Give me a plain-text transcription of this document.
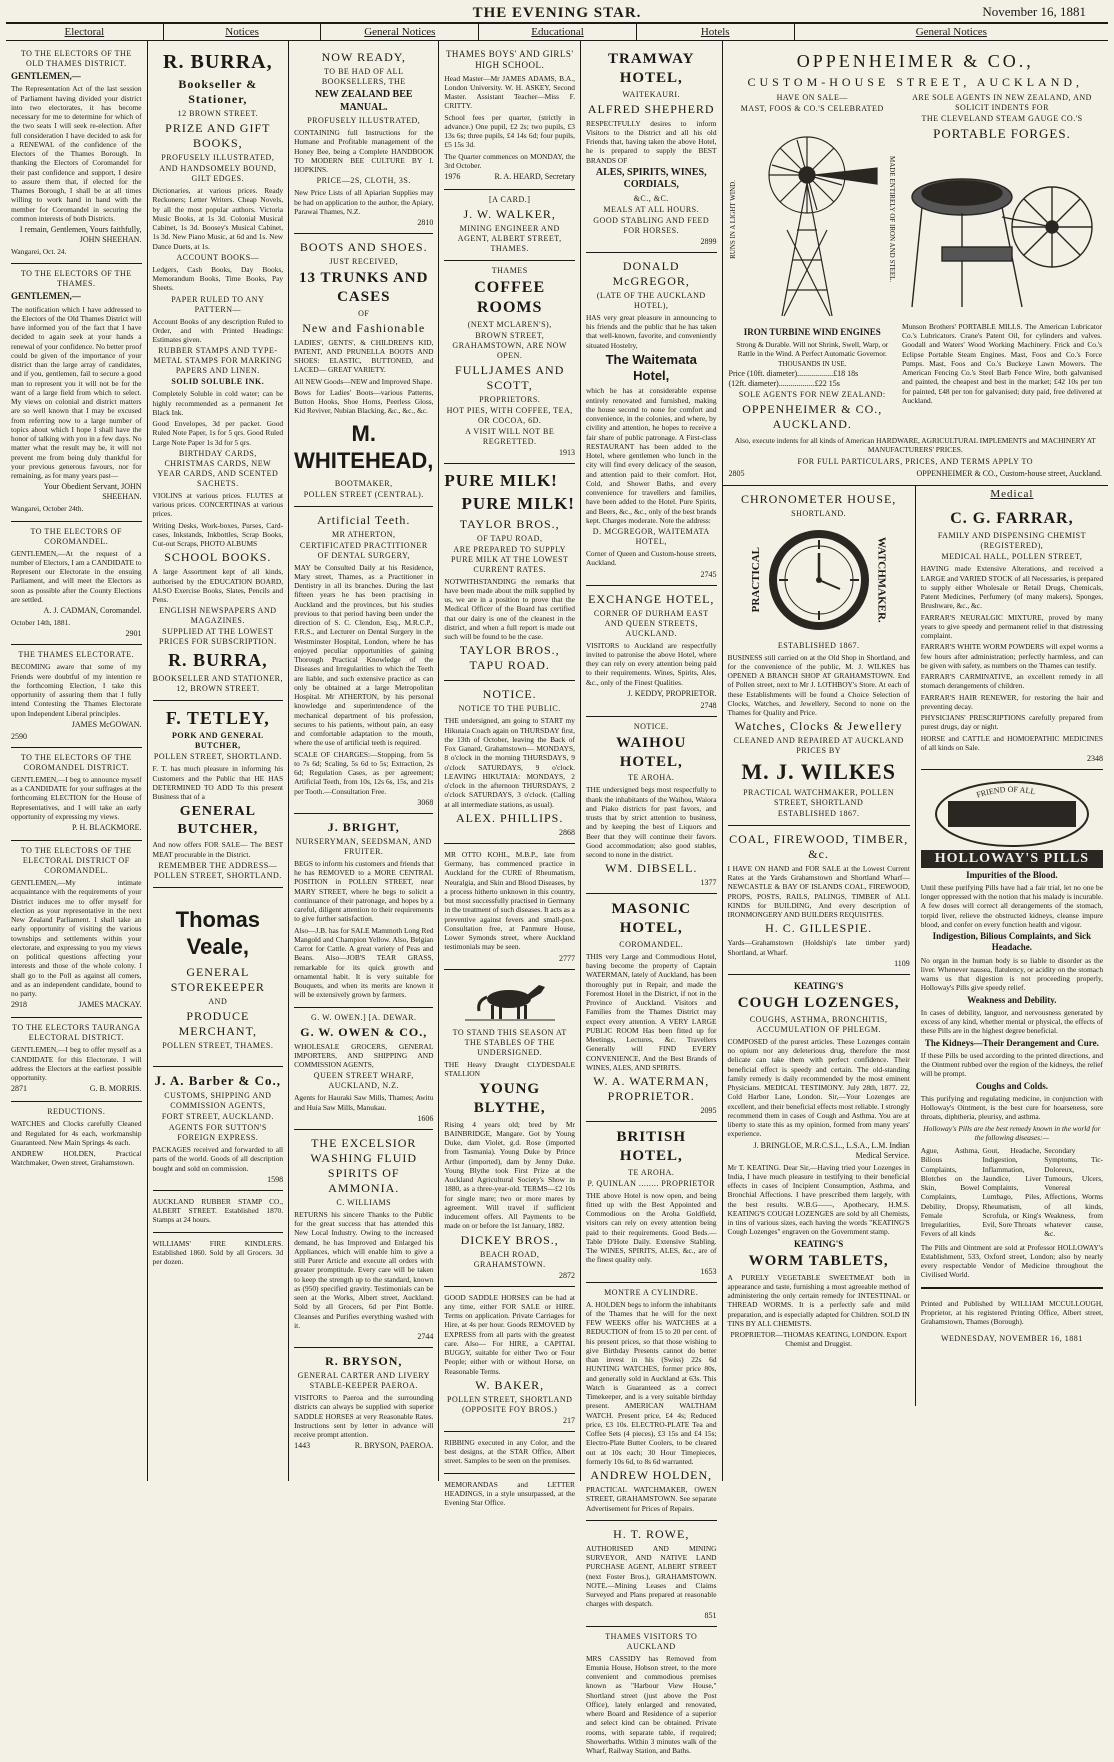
THE EVENING STAR.	November 16, 1881
Electoral	Notices	General Notices	Educational	Hotels	General Notices
TO THE ELECTORS OF THE OLD THAMES DISTRICT.
GENTLEMEN,—

The Representation Act of the last session of Parliament having divided your district into two electorates, it has become necessary for me to determine for which of the two seats I will seek re-election. After full consideration I have decided to ask for a RENEWAL of the confidence of the Electors of the Thames Borough. In thanking the Electors of Coromandel for their past confidence and support, I desire to assure them that, if elected for the Thames Borough, I shall be at all times willing to work hand in hand with the member for Coromandel in securing the common interests of both Districts.

I remain, Gentlemen, Yours faithfully, JOHN SHEEHAN.

Wangarei, Oct. 24.

TO THE ELECTORS OF THE THAMES.
GENTLEMEN,—

The notification which I have addressed to the Electors of the Old Thames District will have informed you of the fact that I have decided to again seek at your hands a renewal of your confidence. No better proof could be given of the importance of your district than the large array of candidates, and if you, gentlemen, fail to secure a good man to represent you it will not be for the want of a large field from which to select. My views on colonial and district matters are so well known that I may be excused from referring now to a large number of topics about which I hope I shall have the honor of talking with you in a few days. No matter what the result may be, it will not prevent me from being duly thankful for your previous generous favours, nor for remaining, as for many years past—

Your Obedient Servant, JOHN SHEEHAN.

Wangarei, October 24th.

TO THE ELECTORS OF COROMANDEL.

GENTLEMEN,—At the request of a number of Electors, I am a CANDIDATE to Represent our Electorate in the ensuing Parliament, and will meet the Electors as soon as possible after the County Elections are settled.

A. J. CADMAN, Coromandel.

October 14th, 1881.

2901
THE THAMES ELECTORATE.

BECOMING aware that some of my Friends were doubtful of my intention re the forthcoming Election, I take this opportunity of assuring them that I fully intend Contesting the Thames Electorate upon Independent Liberal principles.

JAMES McGOWAN.
2590
TO THE ELECTORS OF THE COROMANDEL DISTRICT.

GENTLEMEN,—I beg to announce myself as a CANDIDATE for your suffrages at the forthcoming ELECTION for the House of Representatives, and I will take an early opportunity of expressing my views.

P. H. BLACKMORE.
TO THE ELECTORS OF THE ELECTORAL DISTRICT OF COROMANDEL.

GENTLEMEN,—My intimate acquaintance with the requirements of your District induces me to offer myself for election as your representative in the next New Zealand Parliament. I shall take an early opportunity of visiting the various townships and settlements within your electorate, and expressing to you my views on political questions affecting your interests and those of the whole colony. I shall go to the Poll as against all comers, and as an independent candidate, bound to no party.

2918	JAMES MACKAY.
TO THE ELECTORS TAURANGA ELECTORAL DISTRICT.

GENTLEMEN,—I beg to offer myself as a CANDIDATE for this Electorate. I will address the Electors at the earliest possible opportunity.

2871	G. B. MORRIS.
REDUCTIONS.

WATCHES and Clocks carefully Cleaned and Regulated for 4s each, workmanship Guaranteed. New Main Springs 4s each.

ANDREW HOLDEN, Practical Watchmaker, Owen street, Grahamstown.

R. BURRA,
Bookseller & Stationer,
12 BROWN STREET.
PRIZE AND GIFT BOOKS,
PROFUSELY ILLUSTRATED,
AND HANDSOMELY BOUND, GILT EDGES.

Dictionaries, at various prices. Ready Reckoners; Letter Writers. Cheap Novels, by all the most popular authors. Victoria Music Books, at 1s 3d. Colonial Musical Cabinet, 1s 3d. Boosey's Musical Cabinet, 1s 3d. New Piano Music, at 6d and 1s. New Dance Duets, at 1s.

ACCOUNT BOOKS—

Ledgers, Cash Books, Day Books, Memorandum Books, Time Books, Pay Sheets.

PAPER RULED TO ANY PATTERN—

Account Books of any description Ruled to Order, and with Printed Headings: Estimates given.

RUBBER STAMPS AND TYPE-METAL STAMPS FOR MARKING PAPERS AND LINEN.
SOLID SOLUBLE INK.

Completely Soluble in cold water; can be highly recommended as a permanent Jet Black Ink.

Good Envelopes, 3d per packet. Good Ruled Note Paper, 1s for 5 qrs. Good Ruled Large Note Paper 1s 3d for 5 qrs.

BIRTHDAY CARDS, CHRISTMAS CARDS, NEW YEAR CARDS, AND SCENTED SACHETS.

VIOLINS at various prices. FLUTES at various prices. CONCERTINAS at various prices.

Writing Desks, Work-boxes, Purses, Card-cases, Inkstands, Inkbottles, Scrap Books, Cut-out Scraps, PHOTO ALBUMS

SCHOOL BOOKS.

A large Assortment kept of all kinds, authorised by the EDUCATION BOARD, ALSO Exercise Books, Slates, Pencils and Pens.

ENGLISH NEWSPAPERS AND MAGAZINES.
SUPPLIED AT THE LOWEST PRICES FOR SUBSCRIPTION.
R. BURRA,
BOOKSELLER AND STATIONER, 12, BROWN STREET.
F. TETLEY,
PORK AND GENERAL BUTCHER,
POLLEN STREET, SHORTLAND.

F. T. has much pleasure in informing his Customers and the Public that HE HAS DETERMINED TO ADD To this present Business that of a

GENERAL BUTCHER,

And now offers FOR SALE— The BEST MEAT procurable in the District.

REMEMBER THE ADDRESS— POLLEN STREET, SHORTLAND.
Thomas Veale,
GENERAL STOREKEEPER
AND
PRODUCE MERCHANT,
POLLEN STREET, THAMES.
J. A. Barber & Co.,
CUSTOMS, SHIPPING AND COMMISSION AGENTS,
FORT STREET, AUCKLAND.
AGENTS FOR SUTTON'S FOREIGN EXPRESS.

PACKAGES received and forwarded to all parts of the world. Goods of all description bought and sold on commission.

1598

AUCKLAND RUBBER STAMP CO., ALBERT STREET. Established 1870. Stamps at 24 hours.

WILLIAMS' FIRE KINDLERS. Established 1860. Sold by all Grocers. 3d per dozen.

NOW READY,
TO BE HAD OF ALL BOOKSELLERS, THE
NEW ZEALAND BEE MANUAL.
PROFUSELY ILLUSTRATED,

CONTAINING full Instructions for the Humane and Profitable management of the Honey Bee, being a Complete HANDBOOK TO MODERN BEE CULTURE BY I. HOPKINS.

PRICE—2S, CLOTH, 3S.

New Price Lists of all Apiarian Supplies may be had on application to the author, the Apiary, Parawai Thames, N.Z.

2810
BOOTS AND SHOES.
JUST RECEIVED,
13 TRUNKS AND CASES
OF
New and Fashionable

LADIES', GENTS', & CHILDREN'S KID, PATENT, AND PRUNELLA BOOTS AND SHOES: ELASTIC, BUTTONED, and LACED— GREAT VARIETY.

All NEW Goods—NEW and Improved Shape.

Bows for Ladies' Boots—various Patterns, Button Hooks, Shoe Horns, Peerless Gloss, Kid Reviver, Nubian Blacking, &c., &c., &c.

M. WHITEHEAD,
BOOTMAKER,
POLLEN STREET (CENTRAL).
Artificial Teeth.
MR ATHERTON,
CERTIFICATED PRACTITIONER OF DENTAL SURGERY,

MAY be Consulted Daily at his Residence, Mary street, Thames, as a Practitioner in Dentistry in all its branches. During the last fifteen years he has been practising in Auckland and the provinces, but his studies previous to that period having been under the direction of S. C. Clendon, Esq., M.R.C.P., F.R.S., and Lecturer on Dental Surgery in the Westminster Hospital, London, where he has enjoyed peculiar opportunities of gaining Thorough Practical Knowledge of the Diseases and Irregularities to which the Teeth are liable, and such extensive practice as can only be obtained at a large Metropolitan Hospital. Mr ATHERTON, by his personal knowledge and superintendence of the mechanical department of his profession, secures to his patients, without pain, an easy and comfortable adaptation to the mouth, where the use of artificial teeth is required.

SCALE OF CHARGES:—Stopping, from 5s to 7s 6d; Scaling, 5s 6d to 5s; Extraction, 2s 6d; Regulation Cases, as per agreement; Artificial Teeth, from 10s, 12s 6s, 15s, and 21s per Tooth.—Consultation Free.

3068
J. BRIGHT,
NURSERYMAN, SEEDSMAN, AND FRUITER.

BEGS to inform his customers and friends that he has REMOVED to a MORE CENTRAL POSITION in POLLEN STREET, near MARY STREET, where he begs to solicit a continuance of their patronage, and hopes by a careful, diligent attention to their requirements to give further satisfaction.

Also—J.B. has for SALE Mammoth Long Red Mangold and Champion Yellow. Also, Belgian Carrot for Cattle. A great variety of Peas and Beans. Also—JOB'S TEAR GRASS, remarkable for its quick growth and ornamental habit. It is very suitable for Bouquets, and when its merits are known it will be extensively grown by farmers.

G. W. OWEN.] [A. DEWAR.
G. W. OWEN & CO.,

WHOLESALE GROCERS, GENERAL IMPORTERS, AND SHIPPING AND COMMISSION AGENTS,

QUEEN STREET WHARF, AUCKLAND, N.Z.

Agents for Hauraki Saw Mills, Thames; Awitu and Huia Saw Mills, Manukau.

1606
THE EXCELSIOR WASHING FLUID SPIRITS OF AMMONIA.
C. WILLIAMS

RETURNS his sincere Thanks to the Public for the great success that has attended this New Local Industry. Owing to the increased demand, he has Improved and Enlarged his Appliances, which will enable him to give a still Purer Article and execute all orders with greater promptitude. Every care will be taken to keep the strength up to the standard, known as (950) specified gravity. Testimonials can be seen at the Works, Albert street, Auckland. Sold by all Grocers, 6d per Pint Bottle. Cleanses and Purifies everything washed with it.

2744
R. BRYSON,
GENERAL CARTER AND LIVERY STABLE-KEEPER PAEROA.

VISITORS to Paeroa and the surrounding districts can always be supplied with superior SADDLE HORSES at very Reasonable Rates. Instructions sent by letter in advance will receive prompt attention.

1443	R. BRYSON, PAEROA.
THAMES BOYS' AND GIRLS' HIGH SCHOOL.

Head Master—Mr JAMES ADAMS, B.A., London University. W. H. ASKEY, Second Master. Assistant Teacher—Miss F. CRITTY.

School fees per quarter, (strictly in advance.) One pupil, £2 2s; two pupils, £3 13s 6s; three pupils, £4 14s 6d; four pupils, £5 15s 3d.

The Quarter commences on MONDAY, the 3rd October.

1976	R. A. HEARD, Secretary
[A CARD.]
J. W. WALKER,
MINING ENGINEER AND AGENT, ALBERT STREET, THAMES.
THAMES
COFFEE ROOMS
(NEXT MCLAREN'S),
BROWN STREET, GRAHAMSTOWN, ARE NOW OPEN.
FULLJAMES AND SCOTT,
PROPRIETORS.
HOT PIES, WITH COFFEE, TEA, OR COCOA, 6D.
A VISIT WILL NOT BE REGRETTED.
1913
PURE MILK!
PURE MILK!
TAYLOR BROS.,
OF TAPU ROAD,
ARE PREPARED TO SUPPLY PURE MILK AT THE LOWEST CURRENT RATES.

NOTWITHSTANDING the remarks that have been made about the milk supplied by us, we are in a position to prove that the Medical Officer of the Board has certified that our dairy is one of the cleanest in the district, and when a full report is made out such will be found to be the case.

TAYLOR BROS., TAPU ROAD.
NOTICE.
NOTICE TO THE PUBLIC.

THE undersigned, am going to START my Hikutaia Coach again on THURSDAY first, the 13th of October, leaving the Back of Fox Ganard, Grahamstown— MONDAYS, 8 o'clock in the morning THURSDAYS, 9 o'clock SATURDAYS, 9 o'clock. LEAVING HIKUTAIA: MONDAYS, 2 o'clock in the afternoon THURSDAYS, 2 o'clock SATURDAYS, 3 o'clock. (Calling at all intermediate stations, as usual).

ALEX. PHILLIPS.
2868

MR OTTO KOHL, M.B.P., late from Germany, has commenced practice in Auckland for the CURE of Rheumatism, Neuralgia, and Skin and Blood Diseases, by a process hitherto unknown in this country, but most successfully practised in Germany in the treatment of such diseases. It acts as a preventive against fevers and small-pox. Consultation free, at Panmure House, Lower Symonds street, where Auckland testimonials may be seen.

2777
TO STAND THIS SEASON AT THE STABLES OF THE UNDERSIGNED.

THE Heavy Draught CLYDESDALE STALLION

YOUNG BLYTHE,

Rising 4 years old; bred by Mr BAINBRIDGE, Mangare. Got by Young Duke, dam Violet, g.d. Rose (imported from Tasmania). Young Duke by Prince Arthur (imported), dam by Jenny Duke. Young Blythe took First Prize at the Auckland Agricultural Society's Show in 1880, as a three-year-old. TERMS—£2 10s for single mare; two or more mares by agreement. Will travel if sufficient inducement offers. All Payments to be made on or before the 1st January, 1882.

DICKEY BROS.,
BEACH ROAD, GRAHAMSTOWN.
2872

GOOD SADDLE HORSES can be had at any time, either FOR SALE or HIRE. Terms on application. Private Carriages for Hire, at 4s per hour. Goods REMOVED by EXPRESS from all parts with the greatest care. Also— For HIRE, a CAPITAL BUGGY, suitable for either Two or Four People; either with or without Horse, on Reasonable Terms.

W. BAKER,
POLLEN STREET, SHORTLAND (OPPOSITE FOY BROS.)
217

RIBBING executed in any Color, and the best designs, at the STAR Office, Albert street. Samples to be seen on the premises.

MEMORANDAS and LETTER HEADINGS, in a style unsurpassed, at the Evening Star Office.

TRAMWAY HOTEL,
WAITEKAURI.
ALFRED SHEPHERD

RESPECTFULLY desires to inform Visitors to the District and all his old Friends that, having taken the above Hotel, he is prepared to supply the BEST BRANDS OF

ALES, SPIRITS, WINES, CORDIALS,
&C., &C.
MEALS AT ALL HOURS.
GOOD STABLING AND FEED FOR HORSES.
2899
DONALD McGREGOR,
(LATE OF THE AUCKLAND HOTEL),

HAS very great pleasure in announcing to his friends and the public that he has taken that well-known, favorite, and conveniently situated Hostelry,

The Waitemata Hotel,

which he has at considerable expense entirely renovated and furnished, making the house second to none for comfort and convenience, in the colonies, and where, by civility and attention, he hopes to receive a fair share of public patronage. A First-class RESTAURANT has been added to the Hotel, where gentlemen who lunch in the city will find every delicacy of the season, and attention paid to their comfort. Hot, Cold, and Shower Baths, and every convenience for travellers and families, have been added to the Hotel. Pure Spirits, and Beers, &c., &c., only of the best brands kept. Charges moderate. Note the address:

D. MCGREGOR, WAITEMATA HOTEL,

Corner of Queen and Custom-house streets, Auckland.

2745
EXCHANGE HOTEL,
CORNER OF DURHAM EAST AND QUEEN STREETS, AUCKLAND.

VISITORS to Auckland are respectfully invited to patronise the above Hotel, where they can rely on every attention being paid to their requirements. Wines, Spirits, Ales, &c., only of the Finest Qualities.

J. KEDDY, PROPRIETOR.
2748
NOTICE.
WAIHOU HOTEL,
TE AROHA.

THE undersigned begs most respectfully to thank the inhabitants of the Waihou, Waiora and Piako districts for past favors, and trusts that by strict attention to business, and by keeping the best of Liquors and Beer that they will continue their favors. Good accommodation; also good stables, second to none in the district.

WM. DIBSELL.
1377
MASONIC HOTEL,
COROMANDEL.

THIS very Large and Commodious Hotel, having become the property of Captain WATERMAN, lately of Auckland, has been thoroughly put in Repair, and made the Foremost Hotel in the District, if not in the Province of Auckland. Visitors and Families from the Thames District may expect every attention. A VERY LARGE PUBLIC ROOM Has been fitted up for Meetings, Lectures, &c. Travellers Generally will FIND EVERY CONVENIENCE, And the Best Brands of WINES, ALES, AND SPIRITS.

W. A. WATERMAN, PROPRIETOR.
2095
BRITISH HOTEL,
TE AROHA.
P. QUINLAN ........ PROPRIETOR

THE above Hotel is now open, and being fitted up with the Best Appointed and Commodious on the Aroha Goldfield, visitors can rely on every attention being paid to their requirements. Good Beds.—Table D'Hote Daily. Extensive Stabling. The WINES, SPIRITS, ALES, &c., are of the finest quality only.

1653
MONTRE A CYLINDRE.

A. HOLDEN begs to inform the inhabitants of the Thames that he will for the next FEW WEEKS offer his WATCHES at a REDUCTION of from 15 to 20 per cent. of his present prices, so that those wishing to give Birthday Presents cannot do better than invest in his (Swiss) 22s 6d HUNTING WATCHES, former price 80s, and generally sold in Auckland at 63s. This Watch is Guaranteed as a correct Timekeeper, and is a very suitable birthday present. AMERICAN WALTHAM WATCH. Present price, £4 4s; Reduced price, £3 10s. ELECTRO-PLATE Tea and Coffee Sets (4 pieces), £3 15s and £4 15s; Electro-Plate Butter Coolers, to be cleared out at 10s each; 30 Hour Timepieces, formerly 10s 6d, to 8s 6d warranted.

ANDREW HOLDEN,

PRACTICAL WATCHMAKER, OWEN STREET, GRAHAMSTOWN. See separate Advertisement for Prices of Repairs.

H. T. ROWE,

AUTHORISED AND MINING SURVEYOR, AND NATIVE LAND PURCHASE AGENT, ALBERT STREET (next Foster Bros.), GRAHAMSTOWN. NOTE.—Mining Leases and Claims Surveyed and Plans prepared at reasonable charges with despatch.

851
THAMES VISITORS TO AUCKLAND

MRS CASSIDY has Removed from Emunia House, Hobson street, to the more convenient and commodious premises known as "Harbour View House," Shortland street (just above the Post Office), lately enlarged and renovated, where Board and Residence of a superior and select kind can be obtained. Private rooms, with separate table, if required; Showerbaths. Within 3 minutes walk of the Wharf, Railway Station, and Baths.

OPPENHEIMER & CO.,
CUSTOM-HOUSE STREET, AUCKLAND,
HAVE ON SALE—
MAST, FOOS & CO.'S CELEBRATED
RUNS IN A LIGHT WIND.	MADE ENTIRELY OF IRON AND STEEL.
IRON TURBINE WIND ENGINES

Strong & Durable. Will not Shrink, Swell, Warp, or Rattle in the Wind. A Perfect Automatic Governor.

THOUSANDS IN USE.
Price (10ft. diameter)..................£18 18s
(12ft. diameter)..................£22 15s
SOLE AGENTS FOR NEW ZEALAND:
OPPENHEIMER & CO., AUCKLAND.
ARE SOLE AGENTS IN NEW ZEALAND, AND SOLICIT INDENTS FOR
THE CLEVELAND STEAM GAUGE CO.'S
PORTABLE FORGES.

Munson Brothers' PORTABLE MILLS. The American Lubricator Co.'s Lubricators. Crane's Patent Oil, for cylinders and valves. Goodall and Waters' Wood Working Machinery. Frick and Co.'s Eclipse Portable Steam Engines. Mast, Foos and Co.'s Force Pumps. Mast, Foos and Co.'s Buckeye Lawn Mowers. The American Fencing Co.'s Steel Barb Fence Wire, both galvanised and painted, the cheapest and best in the market; £42 10s per ton for painted, £48 per ton for galvanised; duty paid, free delivered at Auckland.

Also, execute indents for all kinds of American HARDWARE, AGRICULTURAL IMPLEMENTS and MACHINERY AT MANUFACTURERS' PRICES.

FOR FULL PARTICULARS, PRICES, AND TERMS APPLY TO
2805	OPPENHEIMER & CO., Custom-house street, Auckland.
CHRONOMETER HOUSE,
SHORTLAND.
PRACTICAL	WATCHMAKER.
ESTABLISHED 1867.

BUSINESS still carried on at the Old Shop in Shortland, and for the convenience of the public, M. J. WILKES has OPENED A BRANCH SHOP AT GRAHAMSTOWN. End of Pollen street, next to Mr J. LOTHBOY's Store. At each of these Establishments will be found a Choice Selection of Clocks, Watches, and Jewellery, Second to none on the Thames for Quality and Price.

Watches, Clocks & Jewellery
CLEANED AND REPAIRED AT AUCKLAND PRICES BY
M. J. WILKES
PRACTICAL WATCHMAKER, POLLEN STREET, SHORTLAND
ESTABLISHED 1867.
COAL, FIREWOOD, TIMBER, &c.

I HAVE ON HAND and FOR SALE at the Lowest Current Rates at the Yards Grahamstown and Shortland Wharf— NEWCASTLE & BAY OF ISLANDS COAL, FIREWOOD, PROPS, POSTS, RAILS, PALINGS, TIMBER of ALL KINDS for BUILDING, And every description of IRONMONGERY AND BUILDERS REQUISITES.

H. C. GILLESPIE.

Yards—Grahamstown (Holdship's late timber yard) Shortland, at Wharf.

1109
KEATING'S
COUGH LOZENGES,
COUGHS, ASTHMA, BRONCHITIS, ACCUMULATION OF PHLEGM.

COMPOSED of the purest articles. These Lozenges contain no opium nor any deleterious drug, therefore the most delicate can take them with perfect confidence. Their beneficial effect is speedy and certain. The old-standing family remedy is daily recommended by the most eminent Physicians. MEDICAL TESTIMONY. July 28th, 1877. 22, Cold Harbor Lane, London. Sir,—Your Lozenges are excellent, and their beneficial effects most reliable. I strongly recommend them in cases of Cough and Asthma. You are at liberty to state this as my opinion, formed from many years' experience.

J. BRINGLOE, M.R.C.S.L., L.S.A., L.M. Indian Medical Service.

Mr T. KEATING. Dear Sir,—Having tried your Lozenges in India, I have much pleasure in testifying to their beneficial effects in cases of Incipient Consumption, Asthma, and Bronchial Affections. I have prescribed them largely, with the best results. W.B.G——, Apothecary, H.M.S. KEATING'S COUGH LOZENGES are sold by all Chemists, in tins of various sizes, each having the words "KEATING'S Cough Lozenges" engraven on the Government stamp.

KEATING'S
WORM TABLETS,

A PURELY VEGETABLE SWEETMEAT both in appearance and taste, furnishing a most agreeable method of administering the only certain remedy for INTESTINAL or THREAD WORMS. It is a perfectly safe and mild preparation, and is especially adapted for Children. SOLD IN TINS BY ALL CHEMISTS.

PROPRIETOR—THOMAS KEATING, LONDON. Export Chemist and Druggist.

Medical
C. G. FARRAR,
FAMILY AND DISPENSING CHEMIST (REGISTERED),
MEDICAL HALL, POLLEN STREET,

HAVING made Extensive Alterations, and received a LARGE and VARIED STOCK of all Necessaries, is prepared to supply either Wholesale or Retail Drugs, Chemicals, Patent Medicines, Perfumery (of many makers), Sponges, Brushware, &c., &c.

FARRAR'S NEURALGIC MIXTURE, proved by many years to give speedy and permanent relief in that distressing complaint.

FARRAR'S WHITE WORM POWDERS will expel worms a few hours after administration; perfectly harmless, and can be given with safety, as numbers on the Thames can testify.

FARRAR'S CARMINATIVE, an excellent remedy in all stomach derangements of children.

FARRAR'S HAIR RENEWER, for restoring the hair and preventing decay.

PHYSICIANS' PRESCRIPTIONS carefully prepared from purest drugs, day or night.

HORSE and CATTLE and HOMOEPATHIC MEDICINES of all kinds on Sale.

2348
FRIEND OF ALL
HOLLOWAY'S PILLS
Impurities of the Blood.

Until these purifying Pills have had a fair trial, let no one be longer oppressed with the notion that his malady is incurable. A few doses will correct all derangements of the stomach, torpid liver, relieve the obstructed kidneys, cleanse impure blood, and confer on every function health and vigour.

Indigestion, Bilious Complaints, and Sick Headache.

No organ in the human body is so liable to disorder as the liver. Whenever nausea, flatulency, or acidity on the stomach warns us that digestion is not proceeding properly, Holloway's Pills give speedy relief.

Weakness and Debility.

In cases of debility, languor, and nervousness generated by excess of any kind, whether mental or physical, the effects of these Pills are in the highest degree beneficial.

The Kidneys—Their Derangement and Cure.

If these Pills be used according to the printed directions, and the Ointment rubbed over the region of the kidneys, the relief will be prompt.

Coughs and Colds.

This purifying and regulating medicine, in conjunction with Holloway's Ointment, is the best cure for hoarseness, sore throats, diphtheria, pleurisy, and asthma.

Holloway's Pills are the best remedy known in the world for the following diseases:—

Ague, Asthma, Bilious Complaints, Blotches on the Skin, Bowel Complaints, Debility, Dropsy, Female Irregularities, Fevers of all kinds

Gout, Headache, Indigestion, Inflammation, Jaundice, Liver Complaints, Lumbago, Piles, Rheumatism, Scrofula, or King's Evil, Sore Throats

Secondary Symptoms, Tic-Doloreux, Tumours, Ulcers, Venereal Affections, Worms of all kinds, Weakness, from whatever cause, &c.

The Pills and Ointment are sold at Professor HOLLOWAY's Establishment, 533, Oxford street, London; also by nearly every respectable Vendor of Medicine throughout the Civilised World.

Printed and Published by WILLIAM MCCULLOUGH, Proprietor, at his registered Printing Office, Albert street, Grahamstown, Thames (Borough).

WEDNESDAY, NOVEMBER 16, 1881
